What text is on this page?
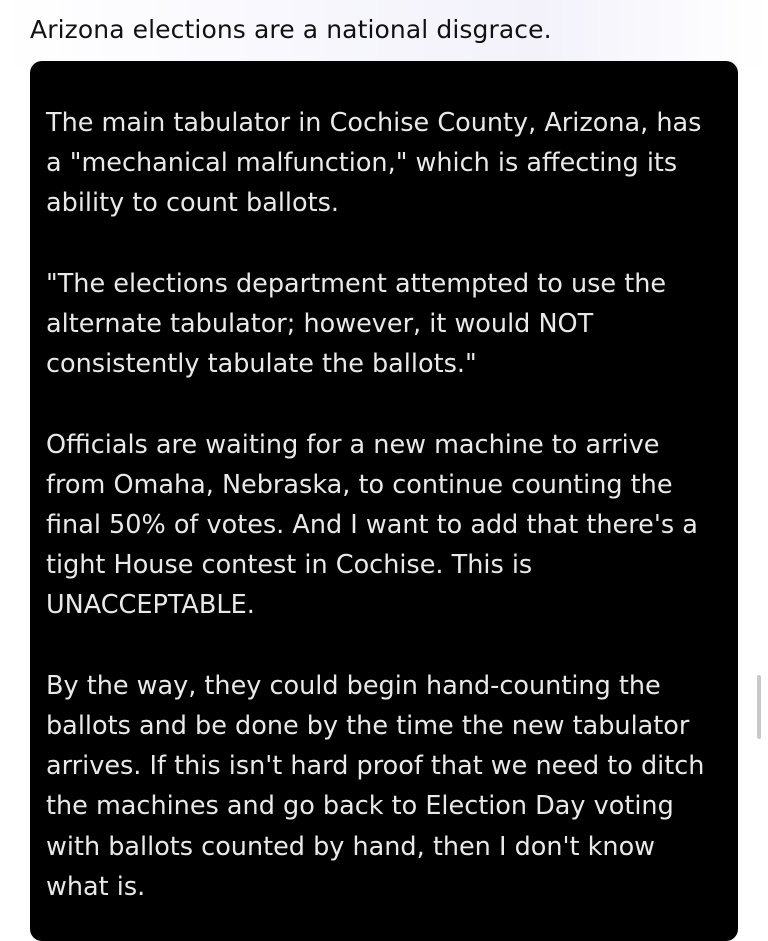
Arizona elections are a national disgrace.

The main tabulator in Cochise County, Arizona, has
a "mechanical malfunction," which is affecting its
ability to count ballots.

"The elections department attempted to use the
alternate tabulator; however, it would NOT
consistently tabulate the ballots."

Officials are waiting for a new machine to arrive
from Omaha, Nebraska, to continue counting the
final 50% of votes. And I want to add that there's a
tight House contest in Cochise. This is
UNACCEPTABLE.

By the way, they could begin hand-counting the
ballots and be done by the time the new tabulator
arrives. If this isn't hard proof that we need to ditch
the machines and go back to Election Day voting
with ballots counted by hand, then I don't know
what is.
